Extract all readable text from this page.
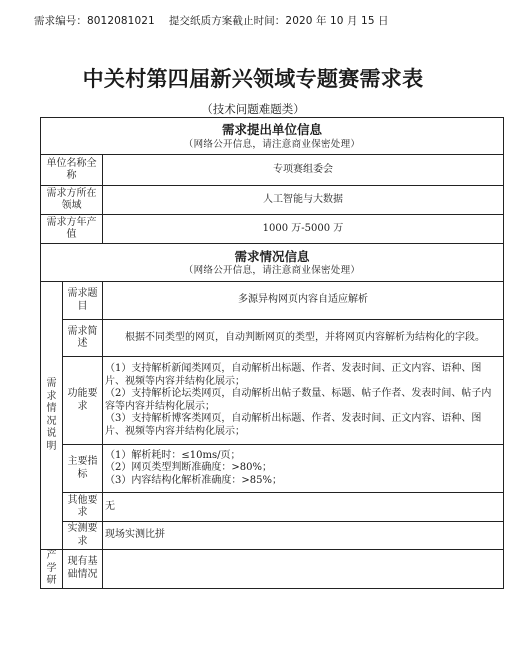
需求编号：8012081021 提交纸质方案截止时间：2020 年 10 月 15 日
中关村第四届新兴领域专题赛需求表
（技术问题难题类）
需求提出单位信息
（网络公开信息，请注意商业保密处理）		

单位名称全称		专项赛组委会
需求方所在领域		人工智能与大数据
需求方年产值		1000 万-5000 万
需求情况信息
（网络公开信息，请注意商业保密处理）		

需求情况说明	需求题目	多源异构网页内容自适应解析
	需求简述	根据不同类型的网页，自动判断网页的类型，并将网页内容解析为结构化的字段。
	功能要求	（1）支持解析新闻类网页，自动解析出标题、作者、发表时间、正文内容、语种、图片、视频等内容并结构化展示；
（2）支持解析论坛类网页，自动解析出帖子数量、标题、帖子作者、发表时间、帖子内容等内容并结构化展示；
（3）支持解析博客类网页，自动解析出标题、作者、发表时间、正文内容、语种、图片、视频等内容并结构化展示；

	主要指标	（1）解析耗时：≤10ms/页；
（2）网页类型判断准确度：>80%；
（3）内容结构化解析准确度：>85%；

	其他要求	无
	实测要求	现场实测比拼
产学研	现有基础情况	
